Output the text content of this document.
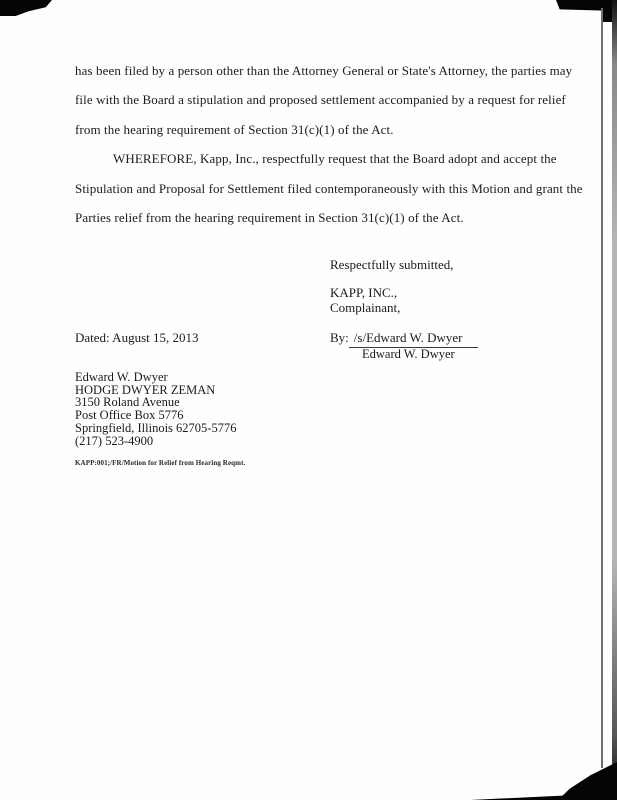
has been filed by a person other than the Attorney General or State's Attorney, the parties may
file with the Board a stipulation and proposed settlement accompanied by a request for relief
from the hearing requirement of Section 31(c)(1) of the Act.
WHEREFORE, Kapp, Inc., respectfully request that the Board adopt and accept the
Stipulation and Proposal for Settlement filed contemporaneously with this Motion and grant the
Parties relief from the hearing requirement in Section 31(c)(1) of the Act.
Respectfully submitted,
KAPP, INC.,
Complainant,
Dated: August 15, 2013	By: /s/Edward W. Dwyer
Edward W. Dwyer
Edward W. Dwyer
HODGE DWYER ZEMAN
3150 Roland Avenue
Post Office Box 5776
Springfield, Illinois 62705-5776
(217) 523-4900
KAPP:001;/FR/Motion for Relief from Hearing Reqmt.
